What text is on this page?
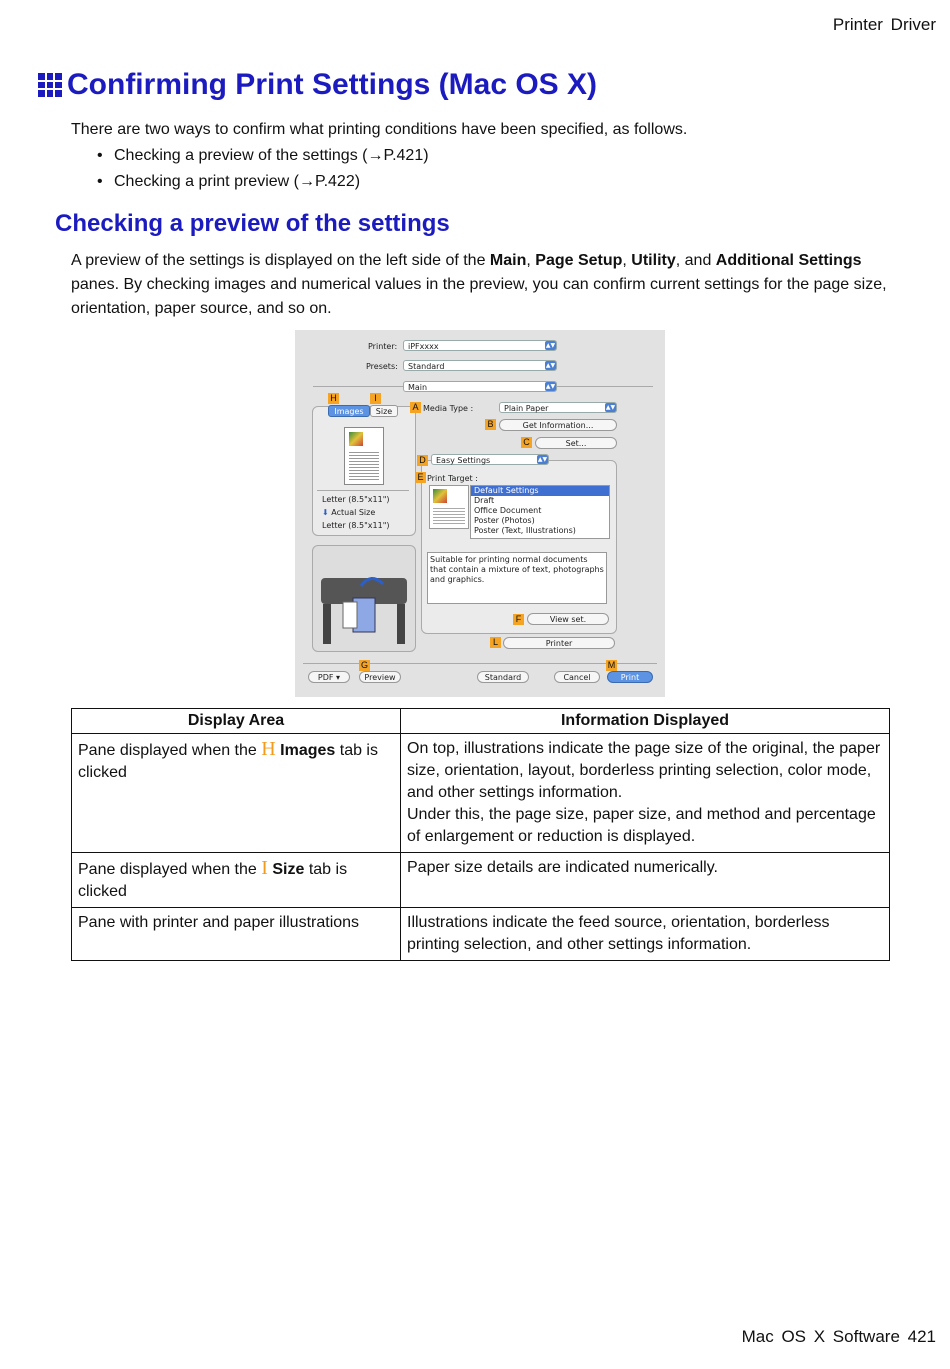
Printer Driver
Confirming Print Settings (Mac OS X)
There are two ways to confirm what printing conditions have been specified, as follows.
• Checking a preview of the settings (→P.421)
• Checking a print preview (→P.422)
Checking a preview of the settings
A preview of the settings is displayed on the left side of the Main, Page Setup, Utility, and Additional Settings panes. By checking images and numerical values in the preview, you can confirm current settings for the page size, orientation, paper source, and so on.
Printer:	iPFxxxx	▲▼
Presets:	Standard	▲▼
Main	▲▼
H	I
Images	Size
Letter (8.5"x11")
⬇ Actual Size
Letter (8.5"x11")
A Media Type :	Plain Paper	▲▼
B	Get Information...
C	Set...
D	Easy Settings	▲▼
E Print Target :
Default Settings
Draft
Office Document
Poster (Photos)
Poster (Text, Illustrations)
Suitable for printing normal documents that contain a mixture of text, photographs and graphics.
F	View set.
L	Printer
G	M
PDF ▾	Preview	Standard	Cancel	Print
Display Area	Information Displayed
Pane displayed when the H Images tab is clicked	On top, illustrations indicate the page size of the original, the paper size, orientation, layout, borderless printing selection, color mode, and other settings information.
Under this, the page size, paper size, and method and percentage of enlargement or reduction is displayed.

Pane displayed when the I Size tab is clicked	Paper size details are indicated numerically.
Pane with printer and paper illustrations	Illustrations indicate the feed source, orientation, borderless printing selection, and other settings information.
Mac OS X Software 421
